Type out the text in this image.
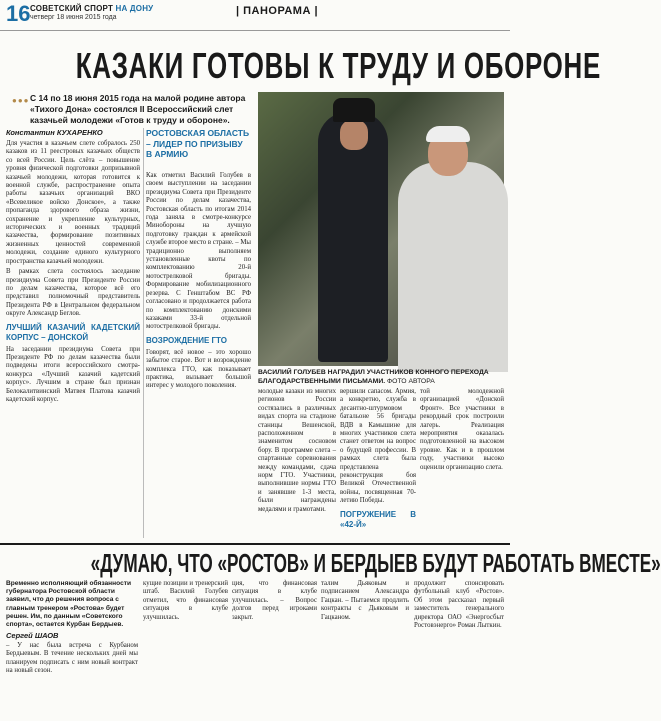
16 СОВЕТСКИЙ СПОРТ НА ДОНУ
четверг 18 июня 2015 года
| ПАНОРАМА |
КАЗАКИ ГОТОВЫ К ТРУДУ И ОБОРОНЕ
●●● С 14 по 18 июня 2015 года на малой родине автора «Тихого Дона» состоялся II Всероссийский слет казачьей молодежи «Готов к труду и обороне».
Константин КУХАРЕНКО

Для участия в казачьем слете собралось 250 казаков из 11 реестровых казачьих обществ со всей России. Цель слёта – повышение уровня физической подготовки допризывной казачьей молодежи, которая готовится к военной службе, распространение опыта работы казачьих организаций ВКО «Всевеликое войско Донское», а также пропаганда здорового образа жизни, сохранение и укрепление культурных, исторических и военных традиций казачества, формирование позитивных жизненных ценностей современной молодежи, создание единого культурного пространства казачьей молодежи.

В рамках слета состоялось заседание президиума Совета при Президенте России по делам казачества, которое всё его представил полномочный представитель Президента РФ в Центральном федеральном округе Александр Беглов.

ЛУЧШИЙ КАЗАЧИЙ КАДЕТСКИЙ КОРПУС – ДОНСКОЙ

На заседании президиума Совета при Президенте РФ по делам казачества были подведены итоги всероссийского смотра-конкурса «Лучший казачий кадетский корпус». Лучшим в стране был признан Белокалитвинский Матвея Платова казачий кадетский корпус.

РОСТОВСКАЯ ОБЛАСТЬ – ЛИДЕР ПО ПРИЗЫВУ В АРМИЮ

Как отметил Василий Голубев в своем выступлении на заседании президиума Совета при Президенте России по делам казачества, Ростовская область по итогам 2014 года заняла в смотре-конкурсе Минобороны на лучшую подготовку граждан к армейской службе второе место в стране. – Мы традиционно выполняем установленные квоты по комплектованию 20-й мотострелковой бригады. Формирование мобилизационного резерва. С Генштабом ВС РФ согласовано и продолжается работа по комплектованию донскими казаками 33-й отдельной мотострелковой бригады.

ВОЗРОЖДЕНИЕ ГТО

Говорят, всё новое – это хорошо забытое старое. Вот и возрождение комплекса ГТО, как показывает практика, вызывает большой интерес у молодого поколения.

ВАСИЛИЙ ГОЛУБЕВ НАГРАДИЛ УЧАСТНИКОВ КОННОГО ПЕРЕХОДА БЛАГОДАРСТВЕННЫМИ ПИСЬМАМИ. ФОТО АВТОРА

молодые казаки из многих регионов России состязались в различных видах спорта на стадионе станицы Вешенской, расположенном в знаменитом сосновом бору. В программе слета – спартанные соревнования между командами, сдача норм ГТО. Участники, выполнившие нормы ГТО и занявшие 1-3 места, были награждены медалями и грамотами.

вершили сапасом. Армия, а конкретно, служба в десантно-штурмовом батальоне 56 бригады ВДВ в Камышине для многих участников слета станет ответом на вопрос о будущей профессии. В рамках слета была представлена реконструкция боя Великой Отечественной войны, посвященная 70-летию Победы.

ПОГРУЖЕНИЕ В «42-Й»

той молодежной организацией «Донской Фронт». Все участники в рекордный срок построили лагерь. Реализация мероприятия оказалась подготовленной на высоком уровне. Как и в прошлом году, участники высоко оценили организацию слета.

«ДУМАЮ, ЧТО «РОСТОВ» И БЕРДЫЕВ БУДУТ РАБОТАТЬ ВМЕСТЕ»
Временно исполняющий обязанности губернатора Ростовской области заявил, что до решения вопроса с главным тренером «Ростова» будет решен. Им, по данным «Советского спорта», остается Курбан Бердыев.
Сергей ШАОВ

– У нас была встреча с Курбаном Бердыевым. В течение нескольких дней мы планируем подписать с ним новый контракт на новый сезон.

кущие позиции и тренерский штаб. Василий Голубев отметил, что финансовая ситуация в клубе улучшилась.

ция, что финансовая ситуация в клубе улучшилась. – Вопрос долгов перед игроками закрыт.

талим Дьяковым и подписанием Александра Гацкан. – Пытаемся продлить контракты с Дьяковым и Гацканом.

продолжит спонсировать футбольный клуб «Ростов». Об этом рассказал первый заместитель генерального директора ОАО «Энергосбыт Ростовэнерго» Роман Лыткин.
